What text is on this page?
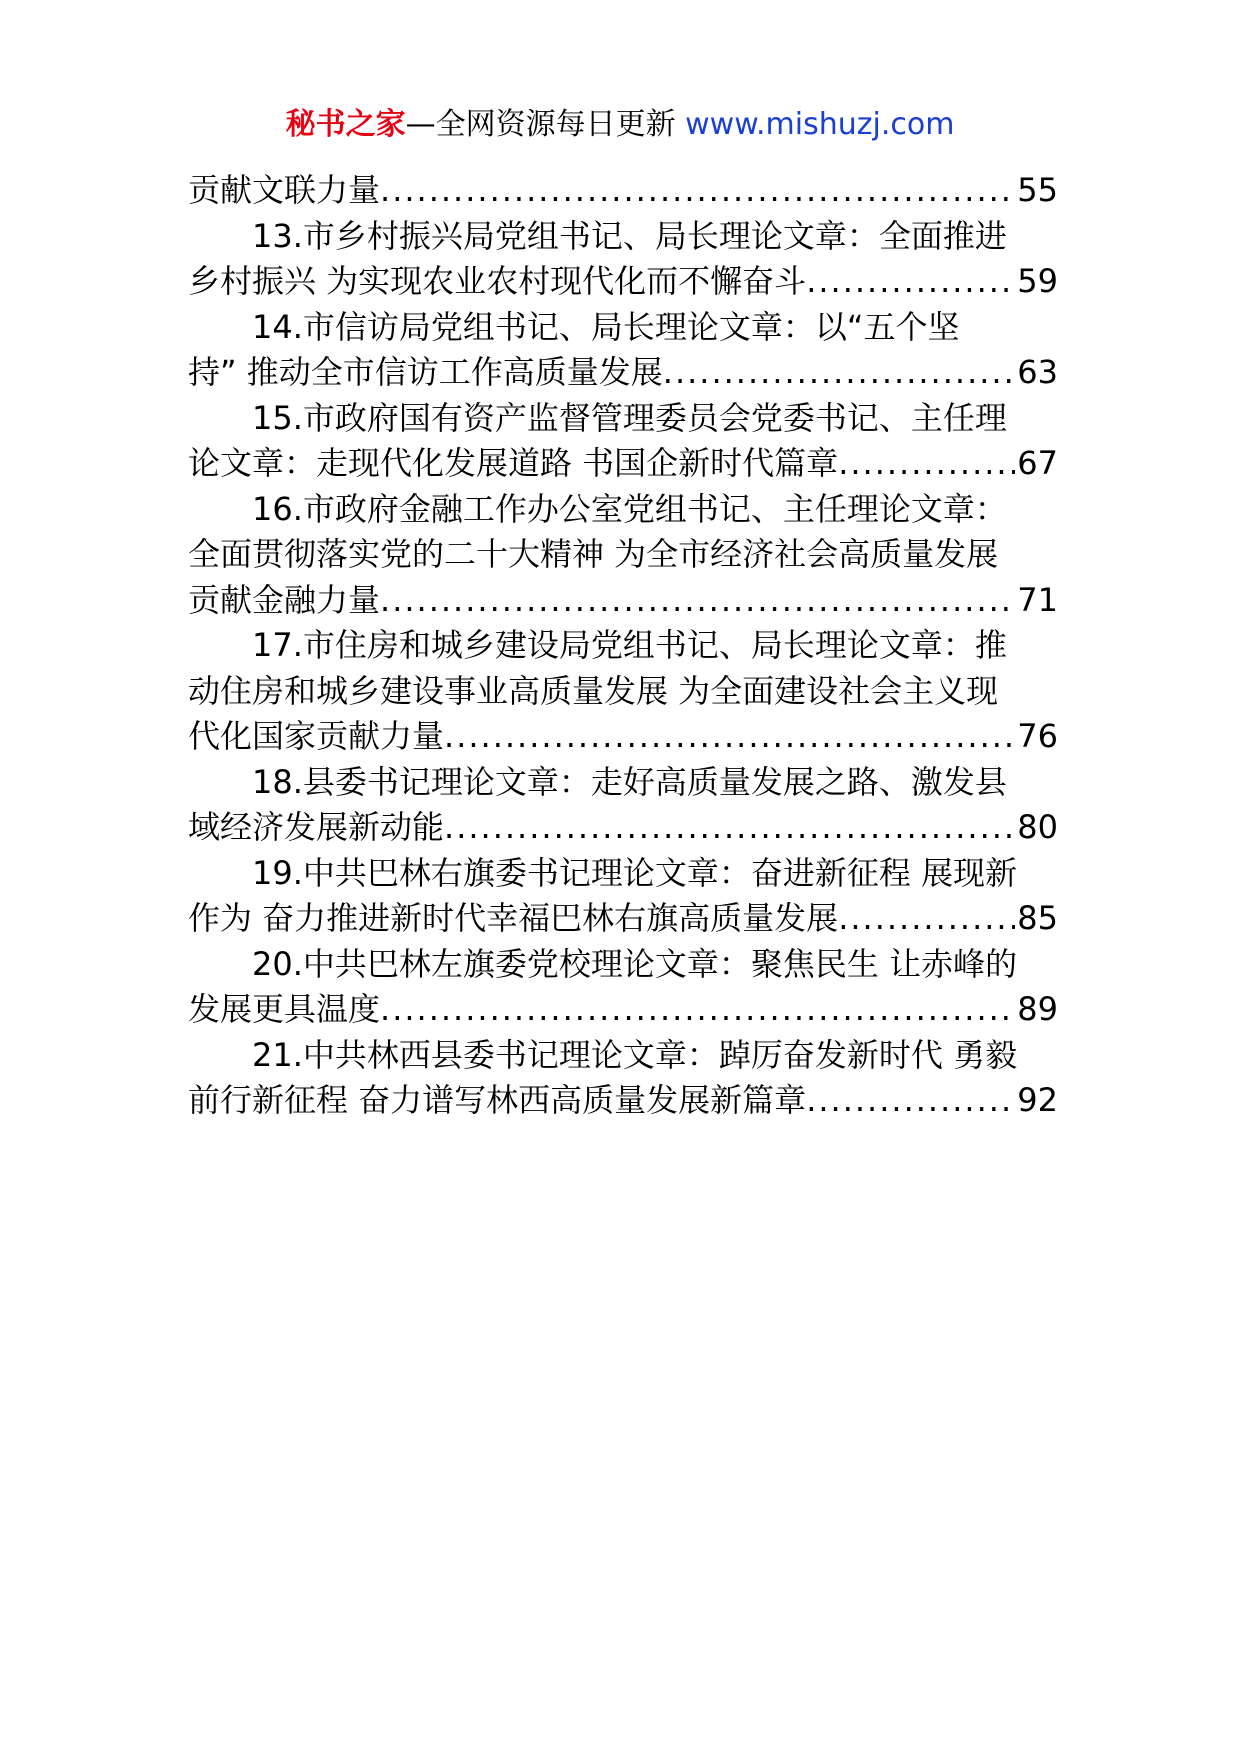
秘书之家—全网资源每日更新 www.mishuzj.com
贡献文联力量 .....	55
13.市乡村振兴局党组书记、局长理论文章：全面推进
乡村振兴 为实现农业农村现代化而不懈奋斗 .....	59
14.市信访局党组书记、局长理论文章：以“五个坚
持” 推动全市信访工作高质量发展 .....	63
15.市政府国有资产监督管理委员会党委书记、主任理
论文章：走现代化发展道路 书国企新时代篇章 .....	67
16.市政府金融工作办公室党组书记、主任理论文章：
全面贯彻落实党的二十大精神 为全市经济社会高质量发展
贡献金融力量 .....	71
17.市住房和城乡建设局党组书记、局长理论文章：推
动住房和城乡建设事业高质量发展 为全面建设社会主义现
代化国家贡献力量 .....	76
18.县委书记理论文章：走好高质量发展之路、激发县
域经济发展新动能 .....	80
19.中共巴林右旗委书记理论文章：奋进新征程 展现新
作为 奋力推进新时代幸福巴林右旗高质量发展 .....	85
20.中共巴林左旗委党校理论文章：聚焦民生 让赤峰的
发展更具温度 .....	89
21.中共林西县委书记理论文章：踔厉奋发新时代 勇毅
前行新征程 奋力谱写林西高质量发展新篇章 .....	92
